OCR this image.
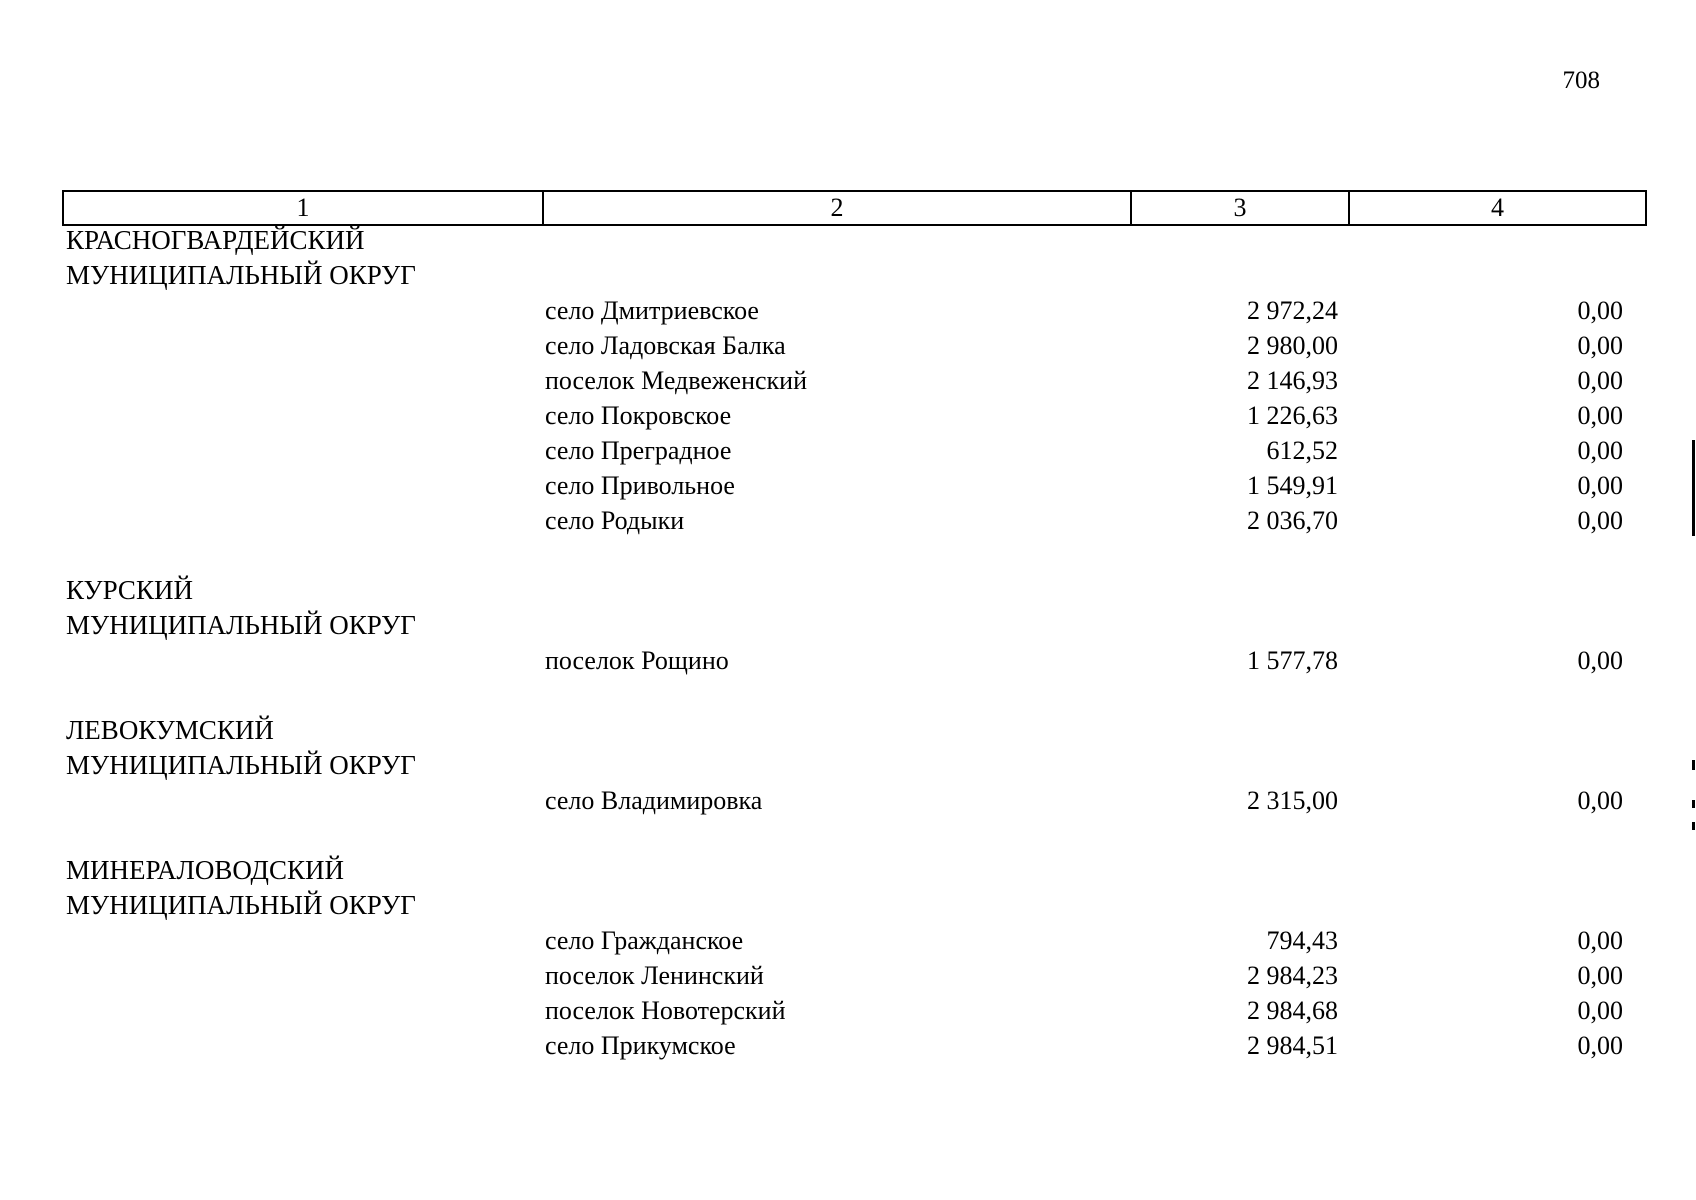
708
1	2	3	4
КРАСНОГВАРДЕЙСКИЙ
МУНИЦИПАЛЬНЫЙ ОКРУГ
село Дмитриевское	2 972,24	0,00
село Ладовская Балка	2 980,00	0,00
поселок Медвеженский	2 146,93	0,00
село Покровское	1 226,63	0,00
село Преградное	612,52	0,00
село Привольное	1 549,91	0,00
село Родыки	2 036,70	0,00
КУРСКИЙ
МУНИЦИПАЛЬНЫЙ ОКРУГ
поселок Рощино	1 577,78	0,00
ЛЕВОКУМСКИЙ
МУНИЦИПАЛЬНЫЙ ОКРУГ
село Владимировка	2 315,00	0,00
МИНЕРАЛОВОДСКИЙ
МУНИЦИПАЛЬНЫЙ ОКРУГ
село Гражданское	794,43	0,00
поселок Ленинский	2 984,23	0,00
поселок Новотерский	2 984,68	0,00
село Прикумское	2 984,51	0,00
